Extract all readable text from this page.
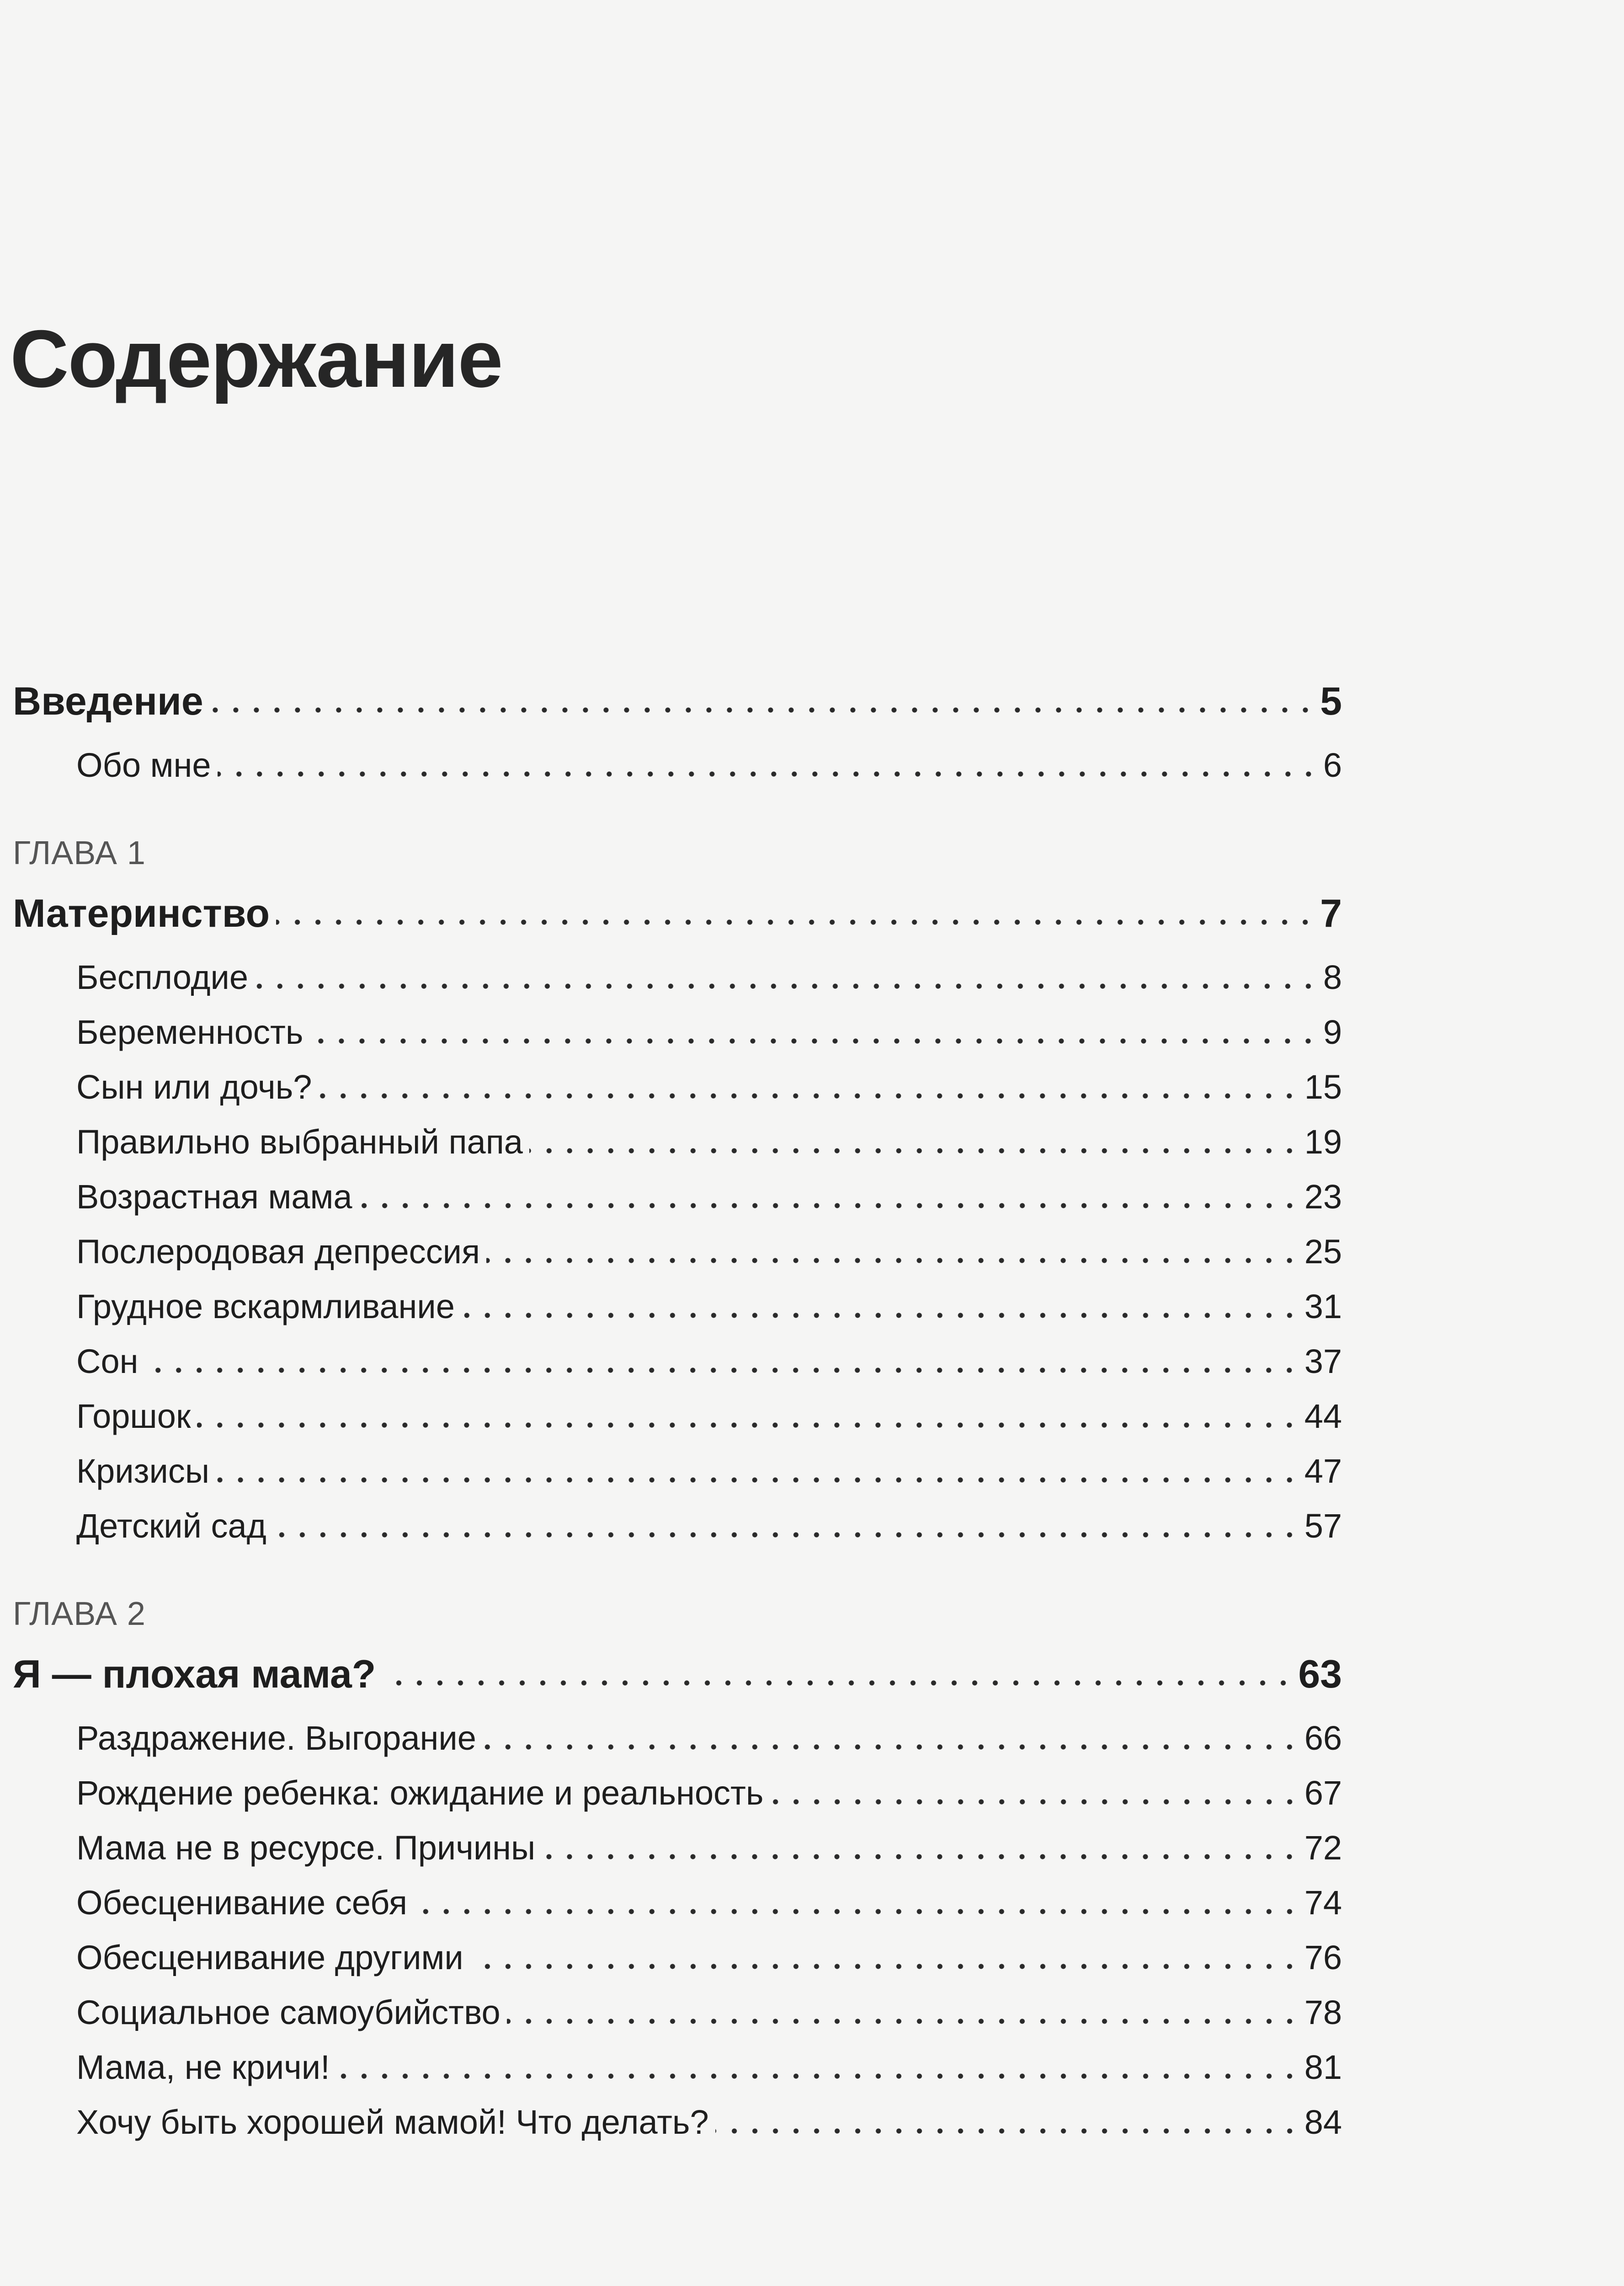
Содержание
Введение	5
Обо мне	6
ГЛАВА 1
Материнство	7
Бесплодие	8
Беременность	9
Сын или дочь?	15
Правильно выбранный папа	19
Возрастная мама	23
Послеродовая депрессия	25
Грудное вскармливание	31
Сон	37
Горшок	44
Кризисы	47
Детский сад	57
ГЛАВА 2
Я — плохая мама?	63
Раздражение. Выгорание	66
Рождение ребенка: ожидание и реальность	67
Мама не в ресурсе. Причины	72
Обесценивание себя	74
Обесценивание другими	76
Социальное самоубийство	78
Мама, не кричи!	81
Хочу быть хорошей мамой! Что делать?	84
